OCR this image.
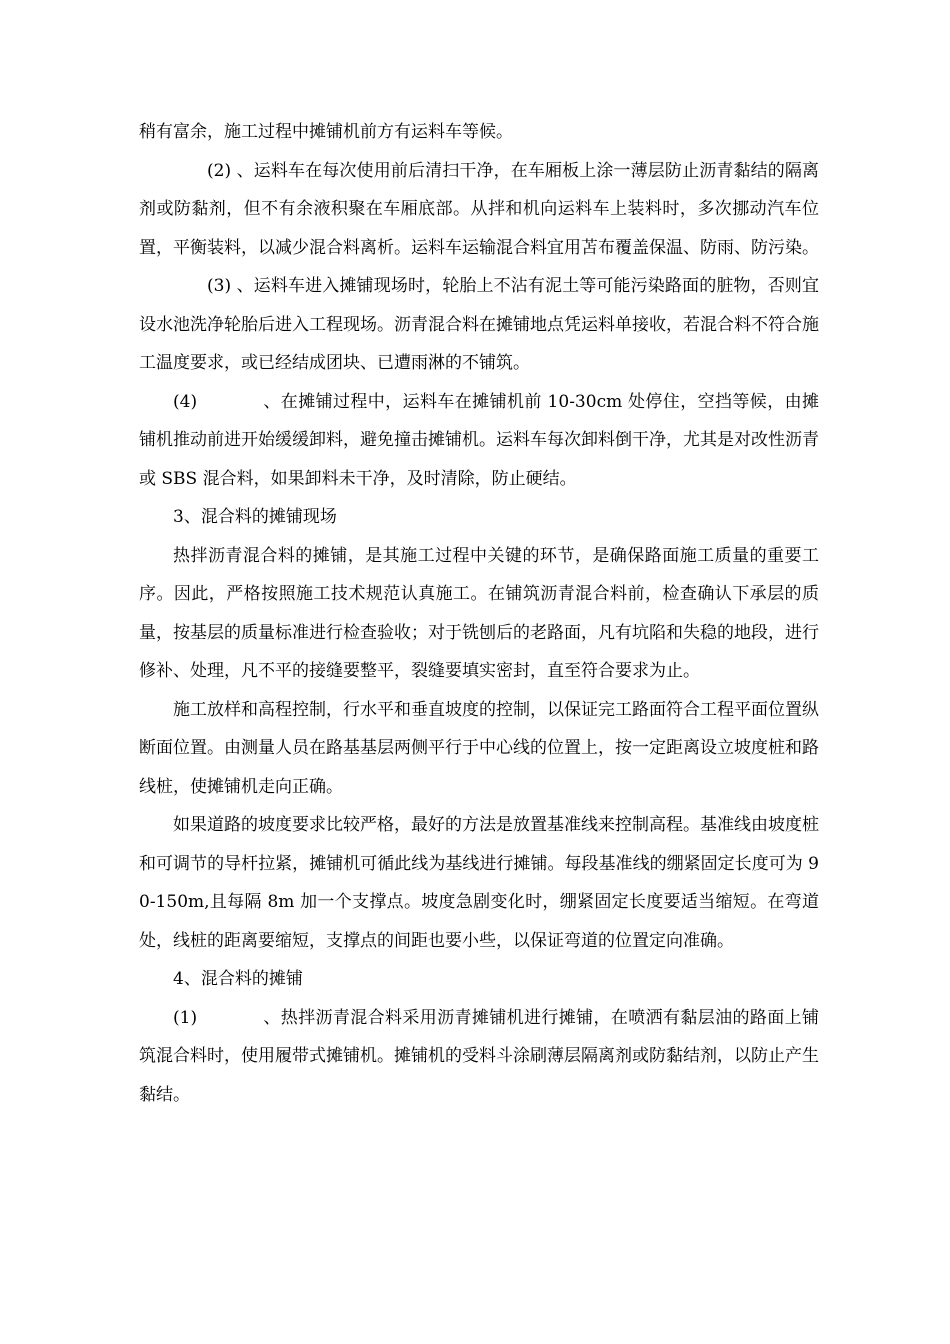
稍有富余，施工过程中摊铺机前方有运料车等候。

(2) 、运料车在每次使用前后清扫干净，在车厢板上涂一薄层防止沥青黏结的隔离剂或防黏剂，但不有余液积聚在车厢底部。从拌和机向运料车上装料时，多次挪动汽车位置，平衡装料，以减少混合料离析。运料车运输混合料宜用苫布覆盖保温、防雨、防污染。

(3) 、运料车进入摊铺现场时，轮胎上不沾有泥土等可能污染路面的脏物，否则宜设水池洗净轮胎后进入工程现场。沥青混合料在摊铺地点凭运料单接收，若混合料不符合施工温度要求，或已经结成团块、已遭雨淋的不铺筑。

(4)	、在摊铺过程中，运料车在摊铺机前 10-30cm 处停住，空挡等候，由摊铺机推动前进开始缓缓卸料，避免撞击摊铺机。运料车每次卸料倒干净，尤其是对改性沥青或 SBS 混合料，如果卸料未干净，及时清除，防止硬结。

3、混合料的摊铺现场

热拌沥青混合料的摊铺，是其施工过程中关键的环节，是确保路面施工质量的重要工序。因此，严格按照施工技术规范认真施工。在铺筑沥青混合料前，检查确认下承层的质量，按基层的质量标准进行检查验收；对于铣刨后的老路面，凡有坑陷和失稳的地段，进行修补、处理，凡不平的接缝要整平，裂缝要填实密封，直至符合要求为止。

施工放样和高程控制，行水平和垂直坡度的控制，以保证完工路面符合工程平面位置纵断面位置。由测量人员在路基基层两侧平行于中心线的位置上，按一定距离设立坡度桩和路线桩，使摊铺机走向正确。

如果道路的坡度要求比较严格，最好的方法是放置基准线来控制高程。基准线由坡度桩和可调节的导杆拉紧，摊铺机可循此线为基线进行摊铺。每段基准线的绷紧固定长度可为 90-150m,且每隔 8m 加一个支撑点。坡度急剧变化时，绷紧固定长度要适当缩短。在弯道处，线桩的距离要缩短，支撑点的间距也要小些，以保证弯道的位置定向准确。

4、混合料的摊铺

(1)	、热拌沥青混合料采用沥青摊铺机进行摊铺，在喷洒有黏层油的路面上铺筑混合料时，使用履带式摊铺机。摊铺机的受料斗涂刷薄层隔离剂或防黏结剂，以防止产生黏结。
